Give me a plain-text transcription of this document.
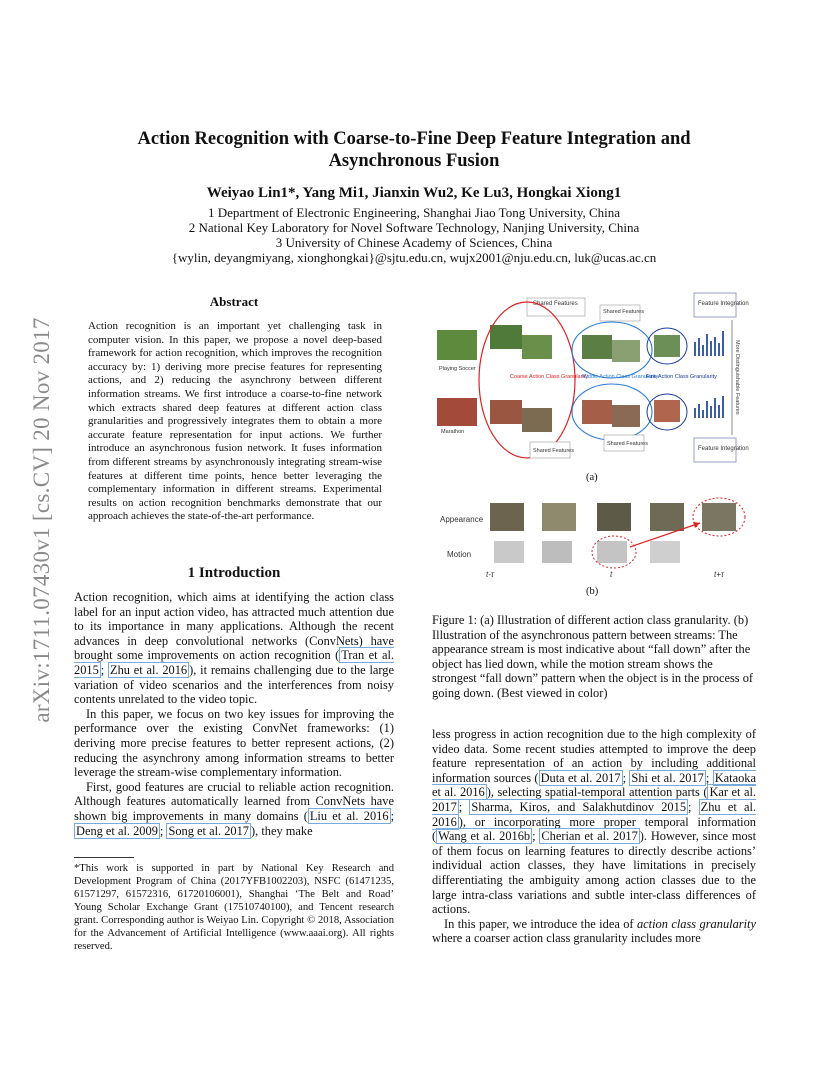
arXiv:1711.07430v1 [cs.CV] 20 Nov 2017
Action Recognition with Coarse-to-Fine Deep Feature Integration and Asynchronous Fusion
Weiyao Lin1*, Yang Mi1, Jianxin Wu2, Ke Lu3, Hongkai Xiong1
1 Department of Electronic Engineering, Shanghai Jiao Tong University, China
2 National Key Laboratory for Novel Software Technology, Nanjing University, China
3 University of Chinese Academy of Sciences, China
{wylin, deyangmiyang, xionghongkai}@sjtu.edu.cn, wujx2001@nju.edu.cn, luk@ucas.ac.cn
Abstract
Action recognition is an important yet challenging task in computer vision. In this paper, we propose a novel deep-based framework for action recognition, which improves the recognition accuracy by: 1) deriving more precise features for representing actions, and 2) reducing the asynchrony between different information streams. We first introduce a coarse-to-fine network which extracts shared deep features at different action class granularities and progressively integrates them to obtain a more accurate feature representation for input actions. We further introduce an asynchronous fusion network. It fuses information from different streams by asynchronously integrating stream-wise features at different time points, hence better leveraging the complementary information in different streams. Experimental results on action recognition benchmarks demonstrate that our approach achieves the state-of-the-art performance.
1 Introduction

Action recognition, which aims at identifying the action class label for an input action video, has attracted much attention due to its importance in many applications. Although the recent advances in deep convolutional networks (ConvNets) have brought some improvements on action recognition ( Tran et al. 2015 ; Zhu et al. 2016 ), it remains challenging due to the large variation of video scenarios and the interferences from noisy contents unrelated to the video topic.

In this paper, we focus on two key issues for improving the performance over the existing ConvNet frameworks: (1) deriving more precise features to better represent actions, (2) reducing the asynchrony among information streams to better leverage the stream-wise complementary information.

First, good features are crucial to reliable action recognition. Although features automatically learned from ConvNets have shown big improvements in many domains ( Liu et al. 2016 ; Deng et al. 2009 ; Song et al. 2017 ), they make

*This work is supported in part by National Key Research and Development Program of China (2017YFB1002203), NSFC (61471235, 61571297, 61572316, 61720106001), Shanghai ‘The Belt and Road’ Young Scholar Exchange Grant (17510740100), and Tencent research grant. Corresponding author is Weiyao Lin. Copyright © 2018, Association for the Advancement of Artificial Intelligence (www.aaai.org). All rights reserved.
Shared Features
Shared Features
Feature Integration
Feature Integration
Playing Soccer
Marathon
Coarse Action Class Granularity
Middle Action Class Granularity
Fine Action Class Granularity
Shared Features
Shared Features
More Distinguishable Features
(a)
Appearance
Motion
t-τ	t	t+τ
(b)
Figure 1: (a) Illustration of different action class granularity. (b) Illustration of the asynchronous pattern between streams: The appearance stream is most indicative about “fall down” after the object has lied down, while the motion stream shows the strongest “fall down” pattern when the object is in the process of going down. (Best viewed in color)

less progress in action recognition due to the high complexity of video data. Some recent studies attempted to improve the deep feature representation of an action by including additional information sources ( Duta et al. 2017 ; Shi et al. 2017 ; Kataoka et al. 2016 ), selecting spatial-temporal attention parts ( Kar et al. 2017 ; Sharma, Kiros, and Salakhutdinov 2015 ; Zhu et al. 2016 ), or incorporating more proper temporal information ( Wang et al. 2016b ; Cherian et al. 2017 ). However, since most of them focus on learning features to directly describe actions’ individual action classes, they have limitations in precisely differentiating the ambiguity among action classes due to the large intra-class variations and subtle inter-class differences of actions.

In this paper, we introduce the idea of action class granularity where a coarser action class granularity includes more
